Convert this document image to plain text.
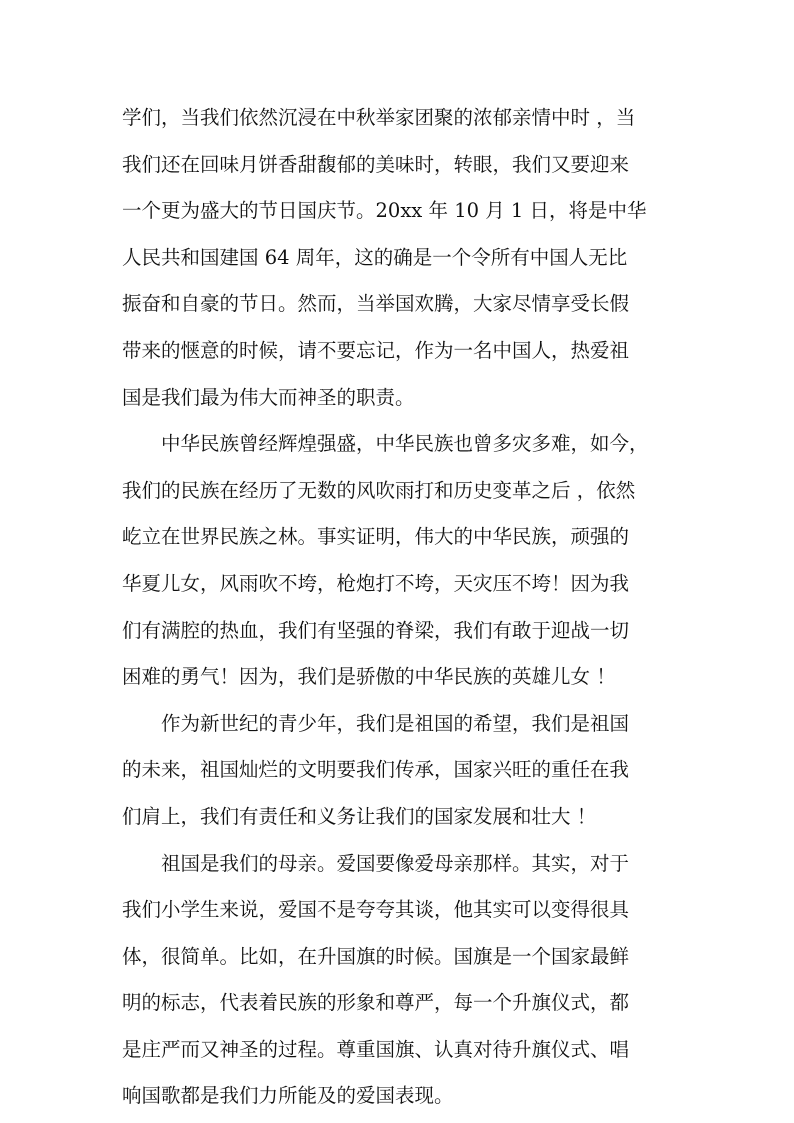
学们，当我们依然沉浸在中秋举家团聚的浓郁亲情中时 ，当
我们还在回味月饼香甜馥郁的美味时，转眼，我们又要迎来
一个更为盛大的节日国庆节。20xx 年 10 月 1 日，将是中华
人民共和国建国 64 周年，这的确是一个令所有中国人无比
振奋和自豪的节日。然而，当举国欢腾，大家尽情享受长假
带来的惬意的时候，请不要忘记，作为一名中国人，热爱祖
国是我们最为伟大而神圣的职责。
中华民族曾经辉煌强盛，中华民族也曾多灾多难，如今，
我们的民族在经历了无数的风吹雨打和历史变革之后 ，依然
屹立在世界民族之林。事实证明，伟大的中华民族，顽强的
华夏儿女，风雨吹不垮，枪炮打不垮，天灾压不垮！因为我
们有满腔的热血，我们有坚强的脊梁，我们有敢于迎战一切
困难的勇气！因为，我们是骄傲的中华民族的英雄儿女 ！
作为新世纪的青少年，我们是祖国的希望，我们是祖国
的未来，祖国灿烂的文明要我们传承，国家兴旺的重任在我
们肩上，我们有责任和义务让我们的国家发展和壮大 ！
祖国是我们的母亲。爱国要像爱母亲那样。其实，对于
我们小学生来说，爱国不是夸夸其谈，他其实可以变得很具
体，很简单。比如，在升国旗的时候。国旗是一个国家最鲜
明的标志，代表着民族的形象和尊严，每一个升旗仪式，都
是庄严而又神圣的过程。尊重国旗、认真对待升旗仪式、唱
响国歌都是我们力所能及的爱国表现。
